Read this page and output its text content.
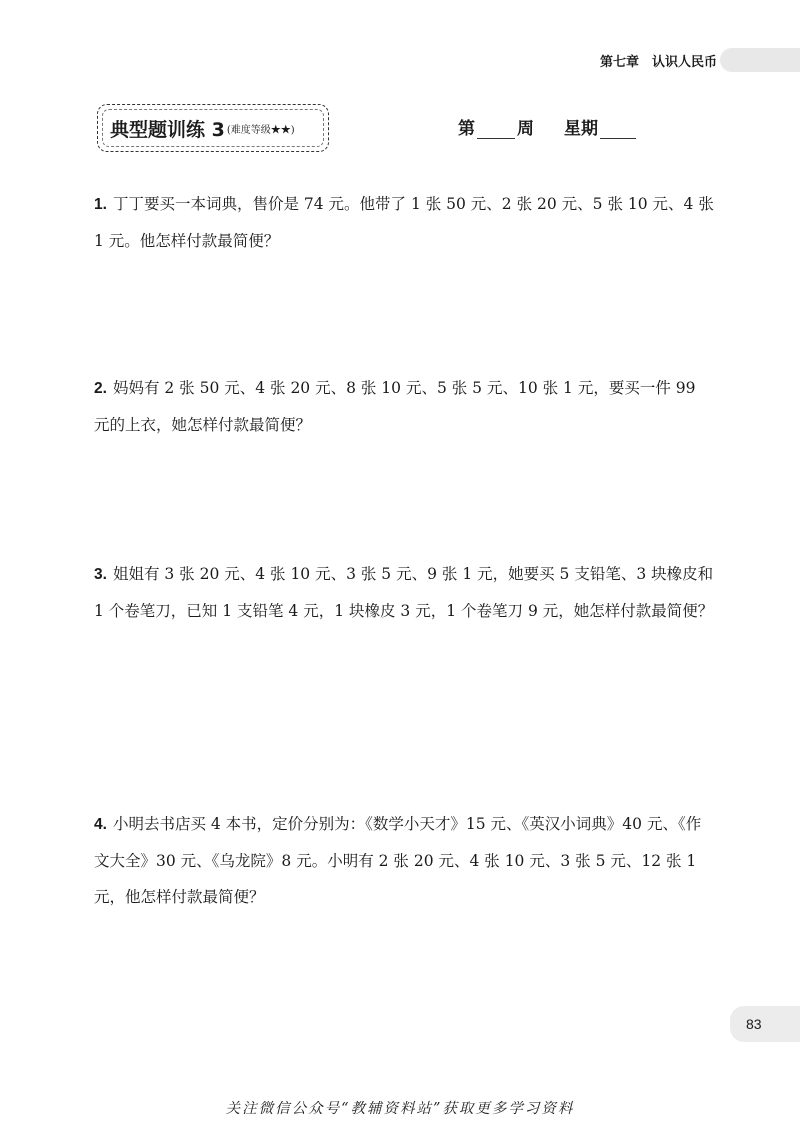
第七章　认识人民币
典型题训练 3 (难度等级★★)	第 周 星期
1. 丁丁要买一本词典，售价是 74 元。他带了 1 张 50 元、2 张 20 元、5 张 10 元、4 张 1 元。他怎样付款最简便？
2. 妈妈有 2 张 50 元、4 张 20 元、8 张 10 元、5 张 5 元、10 张 1 元，要买一件 99 元的上衣，她怎样付款最简便？
3. 姐姐有 3 张 20 元、4 张 10 元、3 张 5 元、9 张 1 元，她要买 5 支铅笔、3 块橡皮和 1 个卷笔刀，已知 1 支铅笔 4 元，1 块橡皮 3 元，1 个卷笔刀 9 元，她怎样付款最简便？
4. 小明去书店买 4 本书，定价分别为：《数学小天才》15 元、《英汉小词典》40 元、《作文大全》30 元、《乌龙院》8 元。小明有 2 张 20 元、4 张 10 元、3 张 5 元、12 张 1 元，他怎样付款最简便？
83
关注微信公众号“教辅资料站”获取更多学习资料
